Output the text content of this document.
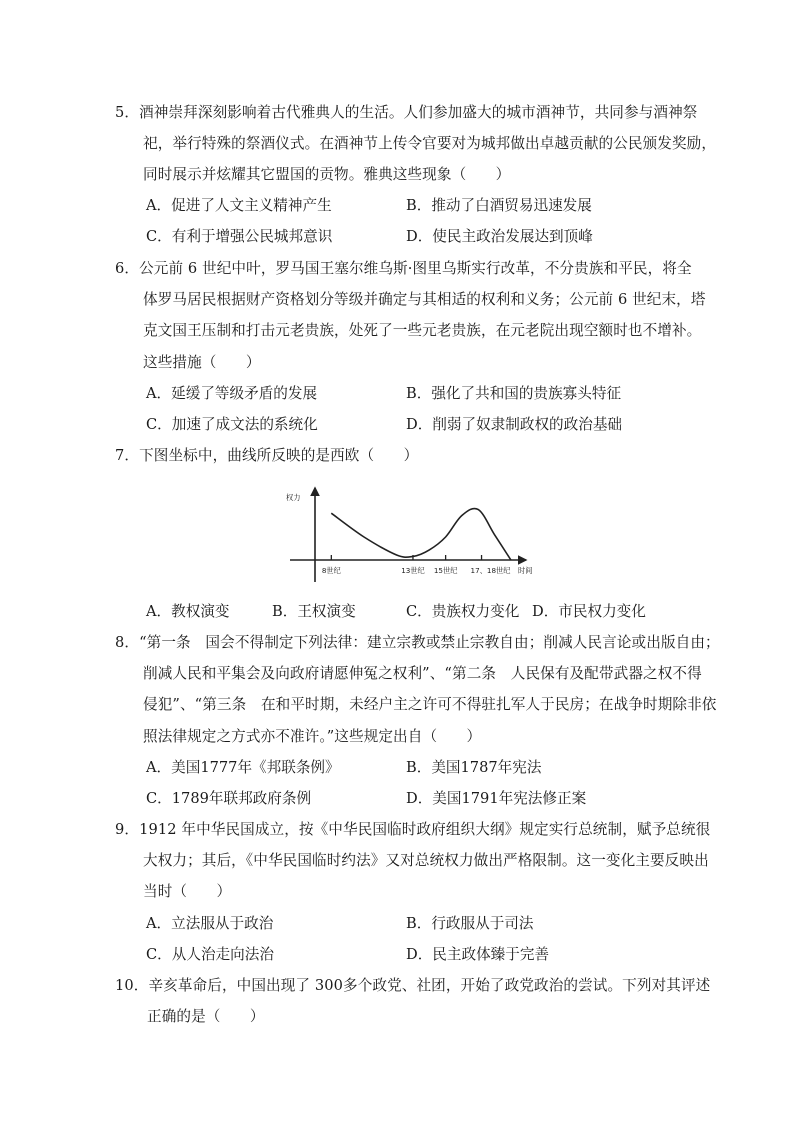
5．酒神崇拜深刻影响着古代雅典人的生活。人们参加盛大的城市酒神节，共同参与酒神祭
祀，举行特殊的祭酒仪式。在酒神节上传令官要对为城邦做出卓越贡献的公民颁发奖励，
同时展示并炫耀其它盟国的贡物。雅典这些现象（　　）
A．促进了人文主义精神产生	B．推动了白酒贸易迅速发展
C．有利于增强公民城邦意识	D．使民主政治发展达到顶峰
6．公元前 6 世纪中叶，罗马国王塞尔维乌斯·图里乌斯实行改革，不分贵族和平民，将全
体罗马居民根据财产资格划分等级并确定与其相适的权利和义务；公元前 6 世纪末，塔
克文国王压制和打击元老贵族，处死了一些元老贵族，在元老院出现空额时也不增补。
这些措施（　　）
A．延缓了等级矛盾的发展	B．强化了共和国的贵族寡头特征
C．加速了成文法的系统化	D．削弱了奴隶制政权的政治基础
7．下图坐标中，曲线所反映的是西欧（　　）
权力
时间
8世纪	13世纪 15世纪 17、18世纪
A．教权演变	B．王权演变	C．贵族权力变化 D．市民权力变化
8．“第一条　国会不得制定下列法律：建立宗教或禁止宗教自由；削减人民言论或出版自由；
削减人民和平集会及向政府请愿伸冤之权利”、“第二条　人民保有及配带武器之权不得
侵犯”、“第三条　在和平时期，未经户主之许可不得驻扎军人于民房；在战争时期除非依
照法律规定之方式亦不准许。”这些规定出自（　　）
A．美国1777年《邦联条例》	B．美国1787年宪法
C．1789年联邦政府条例	D．美国1791年宪法修正案
9．1912 年中华民国成立，按《中华民国临时政府组织大纲》规定实行总统制，赋予总统很
大权力；其后，《中华民国临时约法》又对总统权力做出严格限制。这一变化主要反映出
当时（　　）
A．立法服从于政治	B．行政服从于司法
C．从人治走向法治	D．民主政体臻于完善
10．辛亥革命后，中国出现了 300多个政党、社团，开始了政党政治的尝试。下列对其评述
正确的是（　　）
